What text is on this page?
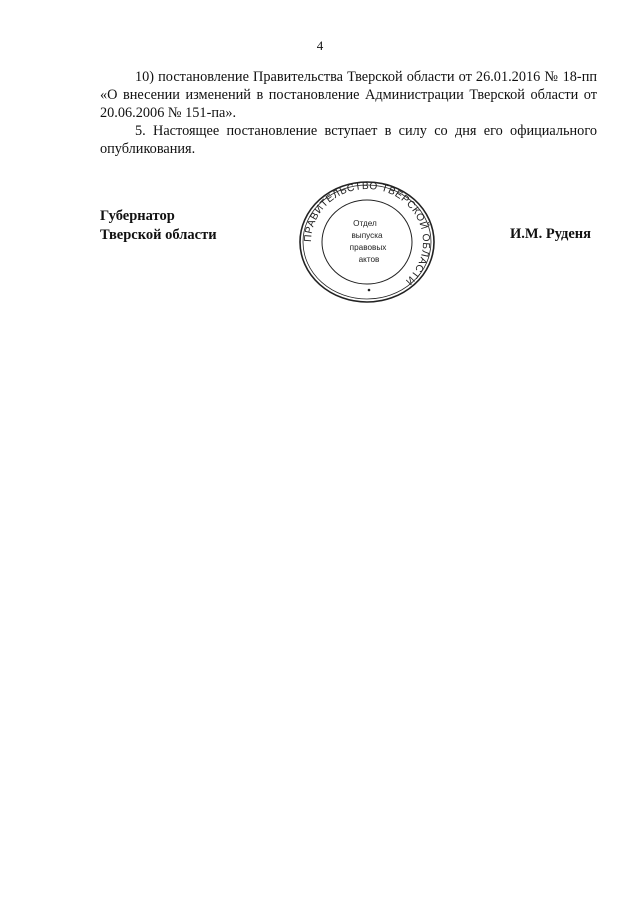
4

10) постановление Правительства Тверской области от 26.01.2016 № 18-пп «О внесении изменений в постановление Администрации Тверской области от 20.06.2006 № 151-па».

5. Настоящее постановление вступает в силу со дня его официального опубликования.

Губернатор
Тверской области	И.М. Руденя
ПРАВИТЕЛЬСТВО ТВЕРСКОЙ ОБЛАСТИ
Отдел
выпуска
правовых
актов
